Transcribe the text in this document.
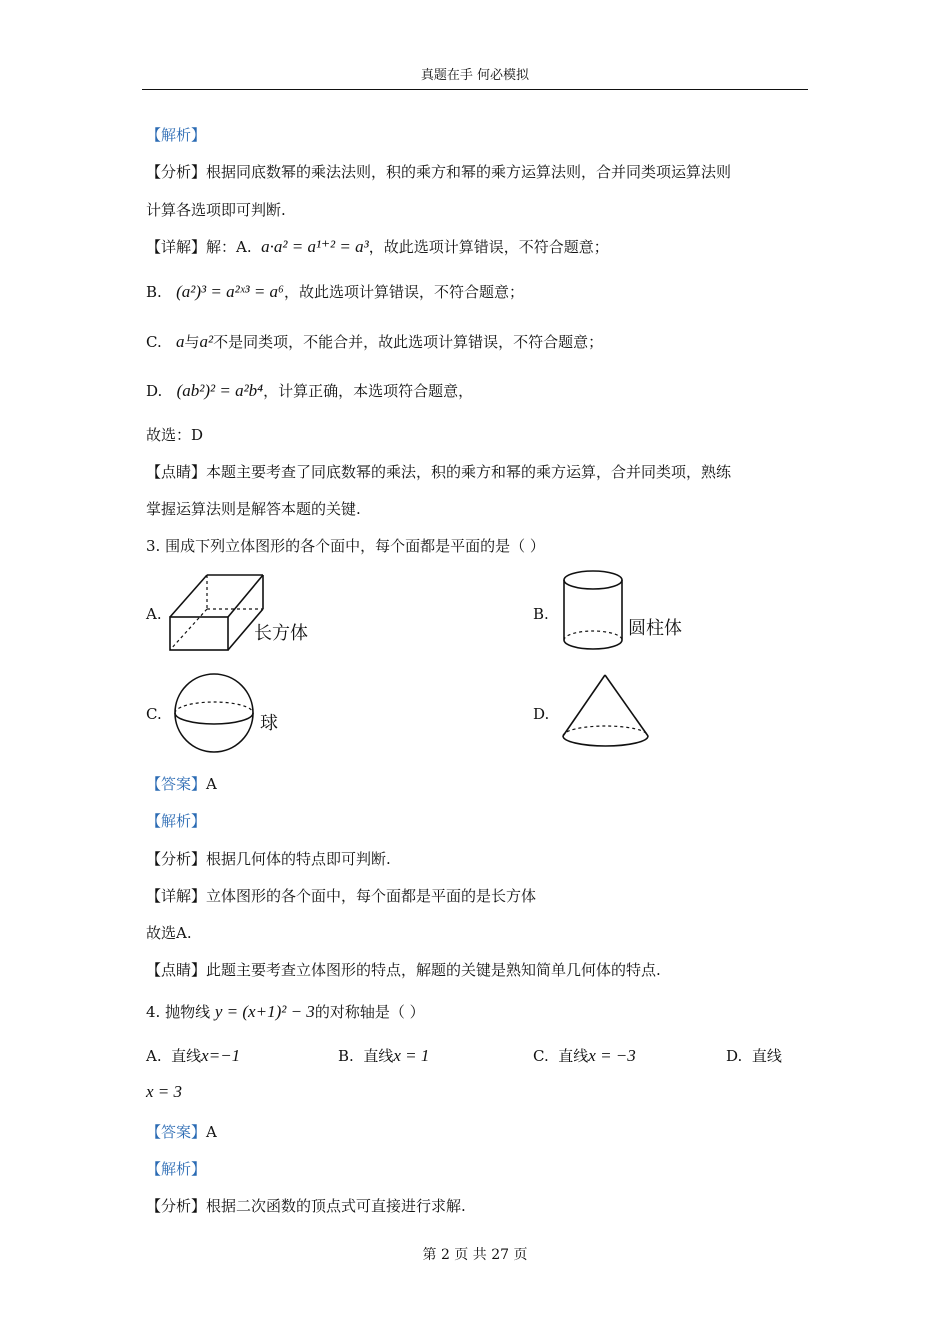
真题在手 何必模拟
【解析】
【分析】根据同底数幂的乘法法则，积的乘方和幂的乘方运算法则，合并同类项运算法则
计算各选项即可判断.
【详解】解：A. a·a² = a¹⁺² = a³，故此选项计算错误，不符合题意；
B. (a²)³ = a²ˣ³ = a⁶，故此选项计算错误，不符合题意；
C. a与a²不是同类项，不能合并，故此选项计算错误，不符合题意；
D. (ab²)² = a²b⁴，计算正确，本选项符合题意，
故选：D
【点睛】本题主要考查了同底数幂的乘法，积的乘方和幂的乘方运算，合并同类项，熟练
掌握运算法则是解答本题的关键.
3. 围成下列立体图形的各个面中，每个面都是平面的是（ ）
A.
长方体
B.
圆柱体
C.	球	D.
【答案】A
【解析】
【分析】根据几何体的特点即可判断.
【详解】立体图形的各个面中，每个面都是平面的是长方体
故选A.
【点睛】此题主要考查立体图形的特点，解题的关键是熟知简单几何体的特点.
4. 抛物线 y = (x+1)² − 3的对称轴是（ ）
A. 直线x=−1	B. 直线x = 1	C. 直线x = −3	D. 直线
x = 3
【答案】A
【解析】
【分析】根据二次函数的顶点式可直接进行求解.
第 2 页 共 27 页
